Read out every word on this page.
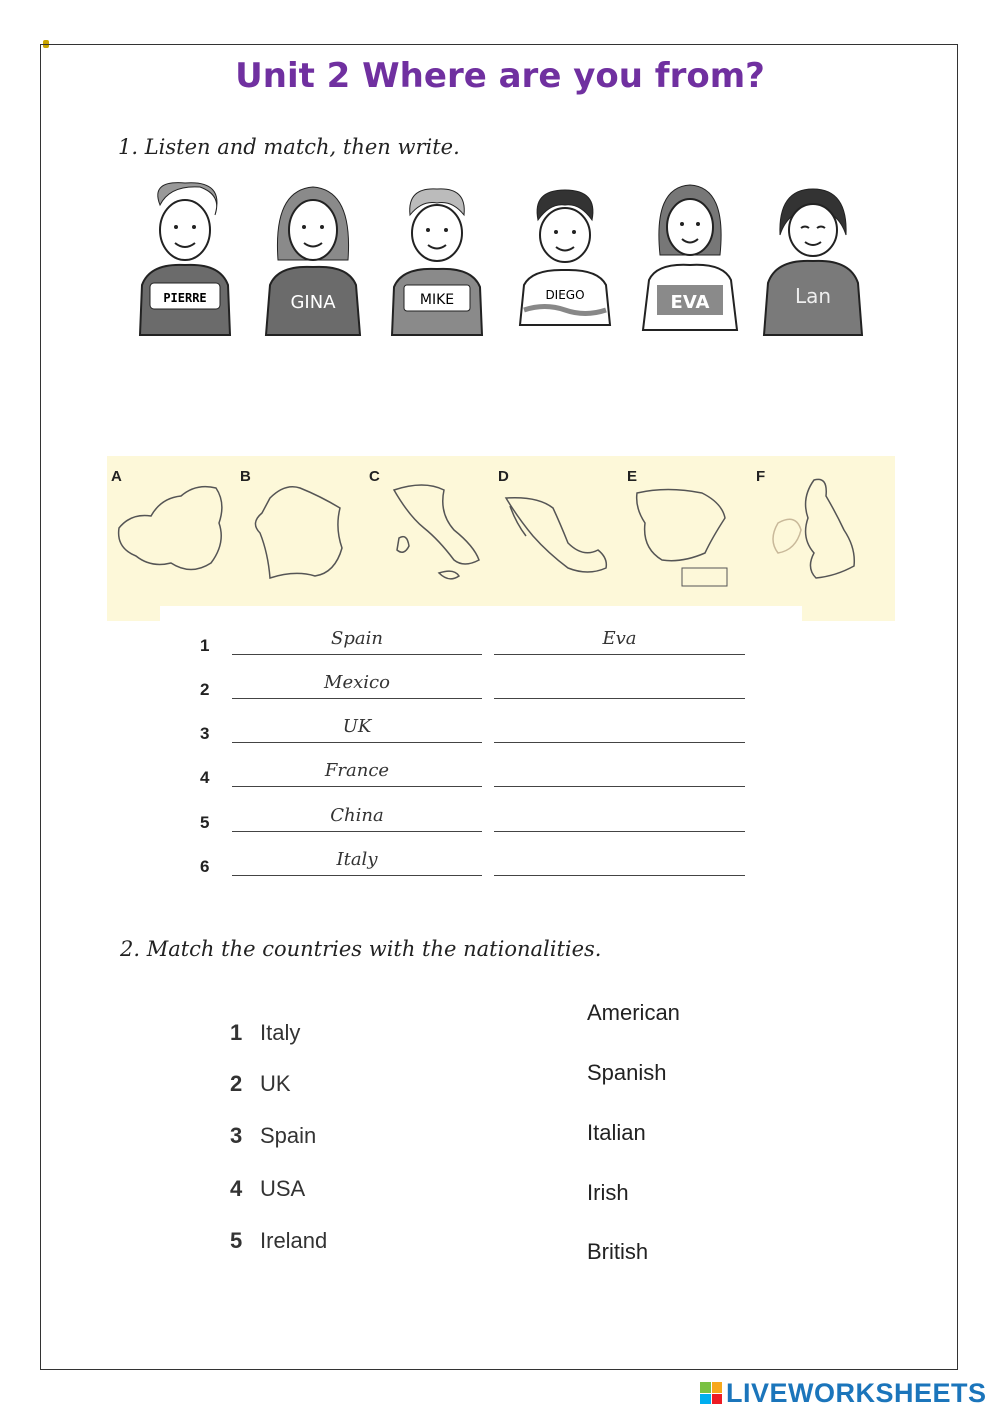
Unit 2 Where are you from?
1. Listen and match, then write.
PIERRE	GINA	MIKE	DIEGO	EVA	Lan
A	B	C	D	E	F
1	Spain	Eva
2	Mexico
3	UK
4	France
5	China
6	Italy
2. Match the countries with the nationalities.
1 Italy
2 UK
3 Spain
4 USA
5 Ireland
American
Spanish
Italian
Irish
British
LIVEWORKSHEETS
